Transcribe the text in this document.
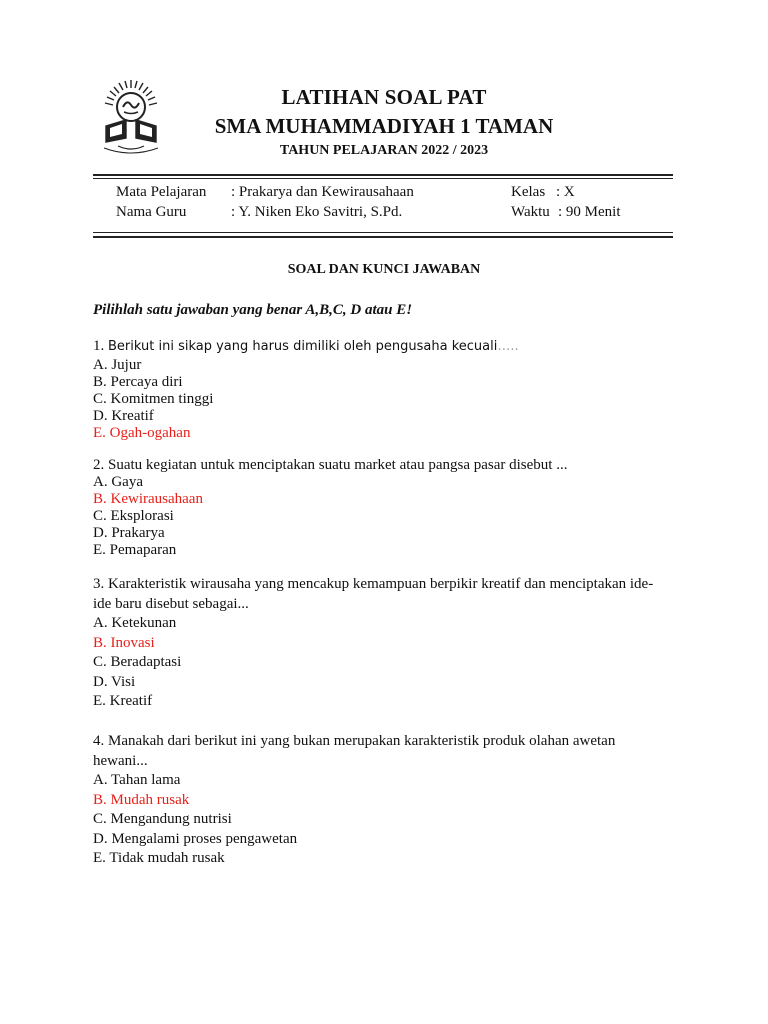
LATIHAN SOAL PAT
SMA MUHAMMADIYAH 1 TAMAN
TAHUN PELAJARAN 2022 / 2023
Mata Pelajaran : Prakarya dan Kewirausahaan	Kelas : X
Nama Guru	: Y. Niken Eko Savitri, S.Pd.	Waktu : 90 Menit
SOAL DAN KUNCI JAWABAN
Pilihlah satu jawaban yang benar A,B,C, D atau E!
1. Berikut ini sikap yang harus dimiliki oleh pengusaha kecuali…..
A. Jujur
B. Percaya diri
C. Komitmen tinggi
D. Kreatif
E. Ogah-ogahan
2. Suatu kegiatan untuk menciptakan suatu market atau pangsa pasar disebut ...
A. Gaya
B. Kewirausahaan
C. Eksplorasi
D. Prakarya
E. Pemaparan
3. Karakteristik wirausaha yang mencakup kemampuan berpikir kreatif dan menciptakan ide-
ide baru disebut sebagai...
A. Ketekunan
B. Inovasi
C. Beradaptasi
D. Visi
E. Kreatif
4. Manakah dari berikut ini yang bukan merupakan karakteristik produk olahan awetan
hewani...
A. Tahan lama
B. Mudah rusak
C. Mengandung nutrisi
D. Mengalami proses pengawetan
E. Tidak mudah rusak
